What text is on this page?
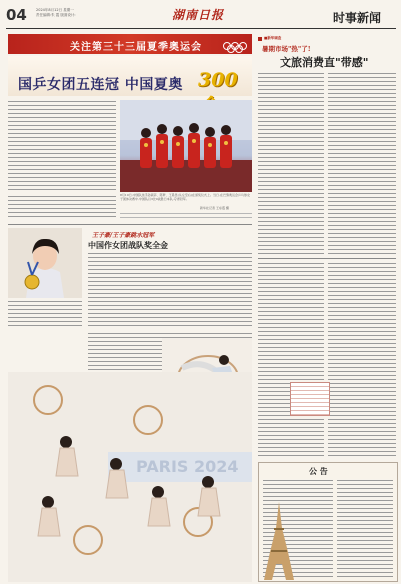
04	2024年8月12日 星期一
责任编辑:朱 霞 版面设计:	湖南日报	时事新闻
关注第三十三届夏季奥运会
国乒女团五连冠 中国夏奥 300
8月10日,中国队选手孙颖莎、陈梦、王曼昱(从左至右)在颁奖仪式上。当日,在巴黎奥运会乒乓球女子团体决赛中,中国队以3比0战胜日本队,夺得冠军。
新华社记者 王东震 摄
王子豪/王子豪跳水冠军
中国作女团战队奖全金
PARIS 2024
■新华调查
暑期市场"热"了!
文旅消费直"带感"
公 告
